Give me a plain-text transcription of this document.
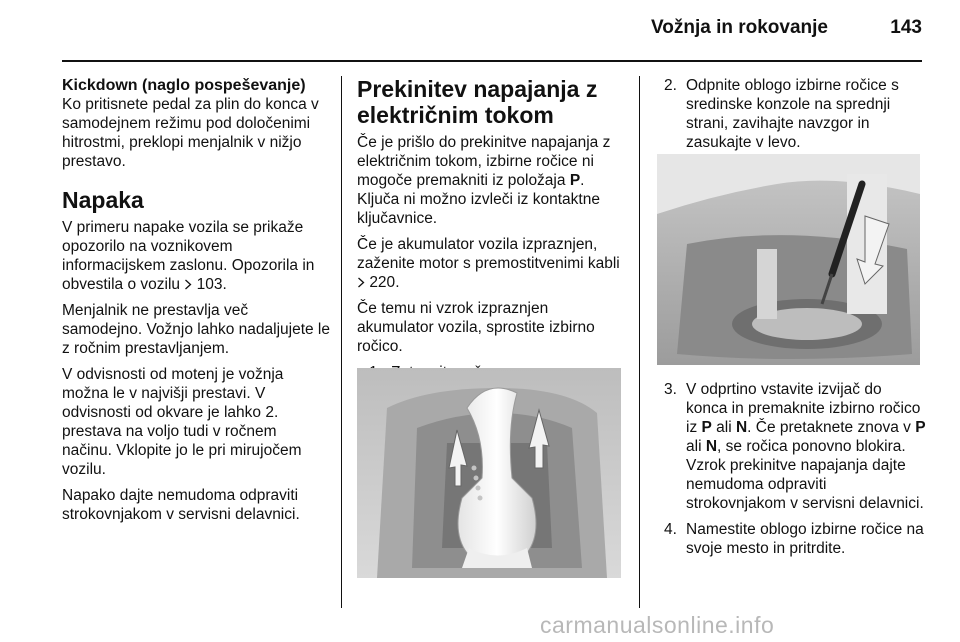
Vožnja in rokovanje	143
Kickdown (naglo pospeševanje)

Ko pritisnete pedal za plin do konca v samodejnem režimu pod določenimi hitrostmi, preklopi menjalnik v nižjo prestavo.

Napaka

V primeru napake vozila se prikaže opozorilo na voznikovem informacijskem zaslonu. Opozorila in obvestila o vozilu  103.

Menjalnik ne prestavlja več samodejno. Vožnjo lahko nadaljujete le z ročnim prestavljanjem.

V odvisnosti od motenj je vožnja možna le v najvišji prestavi. V odvisnosti od okvare je lahko 2. prestava na voljo tudi v ročnem načinu. Vklopite jo le pri mirujočem vozilu.

Napako dajte nemudoma odpraviti strokovnjakom v servisni delavnici.

Prekinitev napajanja z električnim tokom

Če je prišlo do prekinitve napajanja z električnim tokom, izbirne ročice ni mogoče premakniti iz položaja P. Ključa ni možno izvleči iz kontaktne ključavnice.

Če je akumulator vozila izpraznjen, zaženite motor s premostitvenimi kabli  220.

Če temu ni vzrok izpraznjen akumulator vozila, sprostite izbirno ročico.

2. Odpnite oblogo izbirne ročice s sredinske konzole na sprednji strani, zavihajte navzgor in zasukajte v levo.
3. V odprtino vstavite izvijač do konca in premaknite izbirno ročico iz P ali N. Če pretaknete znova v P ali N, se ročica ponovno blokira. Vzrok prekinitve napajanja dajte nemudoma odpraviti strokovnjakom v servisni delavnici.
4. Namestite oblogo izbirne ročice na svoje mesto in pritrdite.
carmanualsonline.info
